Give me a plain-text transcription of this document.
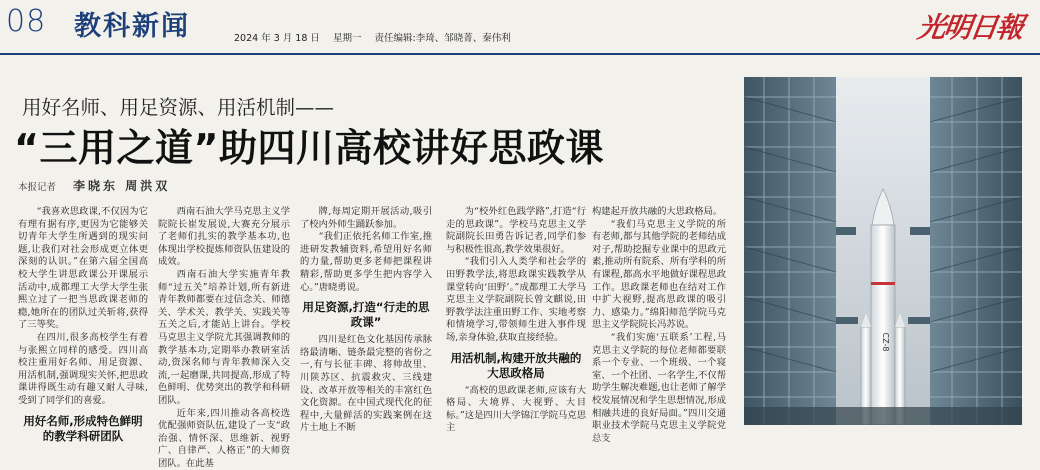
08 教科新闻	2024 年 3 月 18 日 星期一 责任编辑:李琦、邹晓菁、秦伟利	光明日報
用好名师、用足资源、用活机制——
“三用之道”助四川高校讲好思政课
本报记者 李晓东 周洪双

“我喜欢思政课,不仅因为它有理有据有序,更因为它能够关切青年大学生所遇到的现实问题,让我们对社会形成更立体更深刻的认识。”在第六届全国高校大学生讲思政课公开课展示活动中,成都理工大学大学生张熙立过了一把当思政课老师的瘾,她所在的团队过关斩将,获得了三等奖。

在四川,很多高校学生有着与张熙立同样的感受。四川高校注重用好名师、用足资源、用活机制,强调现实关怀,把思政课讲得既生动有趣又耐人寻味,受到了同学们的喜爱。

用好名师,形成特色鲜明的教学科研团队

西南石油大学马克思主义学院院长崔发展说,大赛充分展示了老师们扎实的教学基本功,也体现出学校提炼师资队伍建设的成效。

西南石油大学实施青年教师“过五关”培养计划,所有新进青年教师都要在过信念关、师德关、学术关、教学关、实践关等五关之后,才能站上讲台。学校马克思主义学院尤其强调教师的教学基本功,定期举办教研室活动,资深名师与青年教师深入交流,一起磨课,共同提高,形成了特色鲜明、优势突出的教学和科研团队。

近年来,四川推动各高校选优配强师资队伍,建设了一支“政治强、情怀深、思维新、视野广、自律严、人格正”的大师资团队。在此基

牌,每周定期开展活动,吸引了校内外师生踊跃参加。

“我们正依托名师工作室,推进研发教辅资料,希望用好名师的力量,帮助更多老师把课程讲精彩,帮助更多学生把内容学入心。”唐晓勇说。

用足资源,打造“行走的思政课”

四川是红色文化基因传承脉络最清晰、链条最完整的省份之一,有与长征丰碑、将帅故里、川陕苏区、抗震救灾、三线建设、改革开放等相关的丰富红色文化资源。在中国式现代化的征程中,大量鲜活的实践案例在这片土地上不断

为“校外红色践学路”,打造“行走的思政课”。学校马克思主义学院副院长田勇告诉记者,同学们参与积极性很高,教学效果很好。

“我们引入人类学和社会学的田野教学法,将思政课实践教学从课堂转向‘田野’。”成都理工大学马克思主义学院副院长曾文麒说,田野教学法注重田野工作、实地考察和情境学习,带领师生进入事件现场,亲身体验,获取直接经验。

用活机制,构建开放共融的大思政格局

“高校的思政课老师,应该有大格局、大境界、大视野、大目标。”这是四川大学锦江学院马克思主

构建起开放共融的大思政格局。

“我们马克思主义学院的所有老师,都与其他学院的老师结成对子,帮助挖掘专业课中的思政元素,推动所有院系、所有学科的所有课程,都高水平地做好课程思政工作。思政课老师也在结对工作中扩大视野,提高思政课的吸引力、感染力。”绵阳师范学院马克思主义学院院长冯苏说。

“我们实施‘五联系’工程,马克思主义学院的每位老师都要联系一个专业、一个班级、一个寝室、一个社团、一名学生,不仅帮助学生解决难题,也让老师了解学校发展情况和学生思想情况,形成相融共进的良好局面。”四川交通职业技术学院马克思主义学院党总支

CZ-8
